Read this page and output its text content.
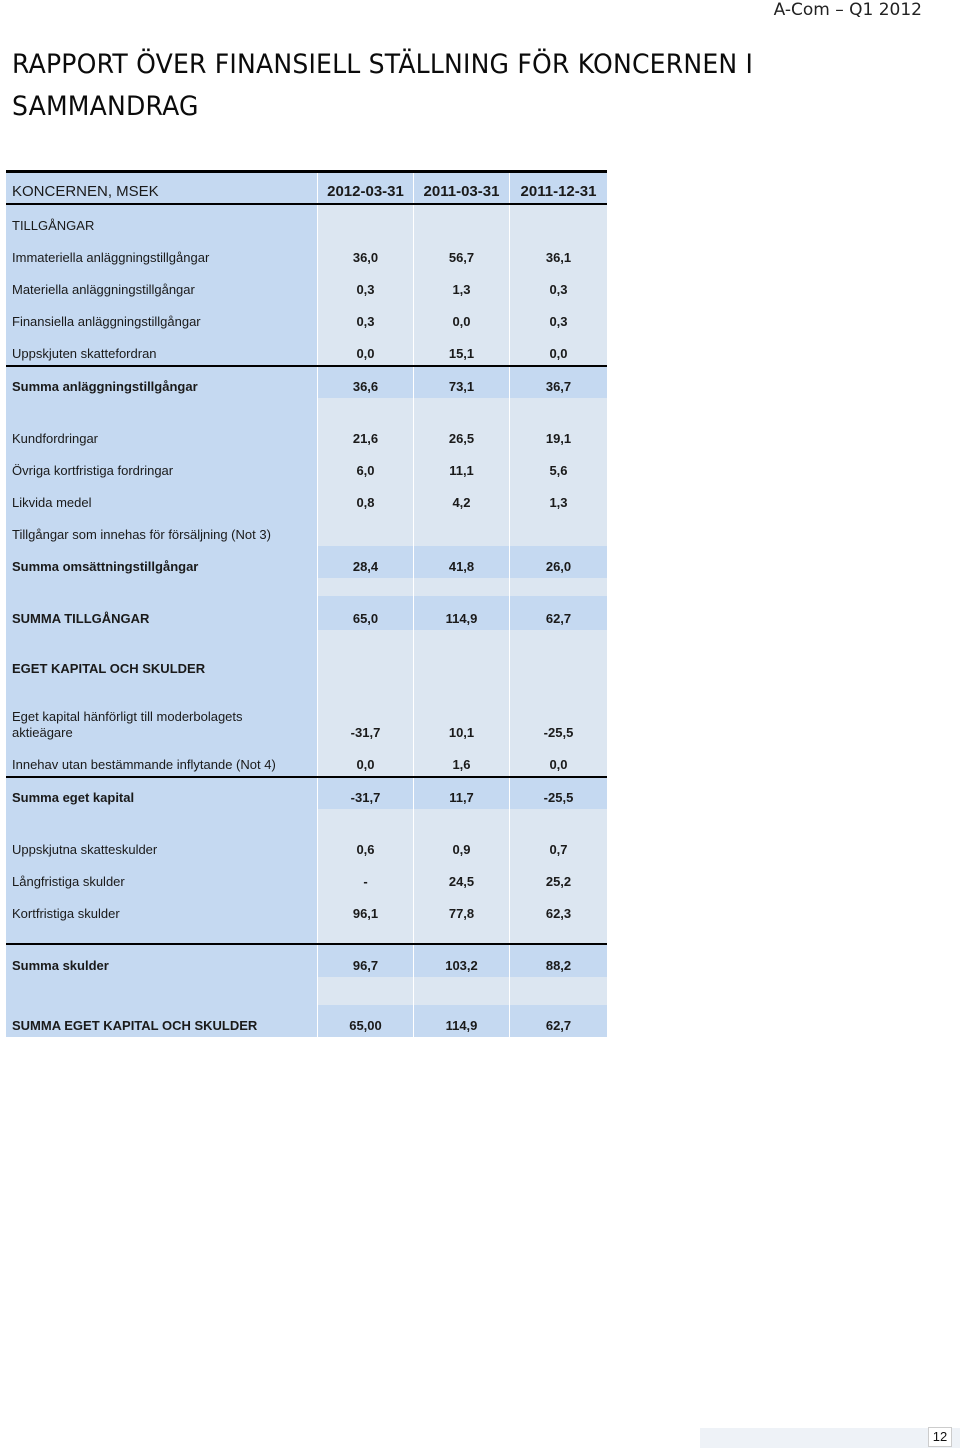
A-Com – Q1 2012
RAPPORT ÖVER FINANSIELL STÄLLNING FÖR KONCERNEN I SAMMANDRAG
KONCERNEN, MSEK	2012-03-31	2011-03-31	2011-12-31
TILLGÅNGAR
Immateriella anläggningstillgångar	36,0	56,7	36,1
Materiella anläggningstillgångar	0,3	1,3	0,3
Finansiella anläggningstillgångar	0,3	0,0	0,3
Uppskjuten skattefordran	0,0	15,1	0,0
Summa anläggningstillgångar	36,6	73,1	36,7
Kundfordringar	21,6	26,5	19,1
Övriga kortfristiga fordringar	6,0	11,1	5,6
Likvida medel	0,8	4,2	1,3
Tillgångar som innehas för försäljning (Not 3)
Summa omsättningstillgångar	28,4	41,8	26,0
SUMMA TILLGÅNGAR	65,0	114,9	62,7
EGET KAPITAL OCH SKULDER
Eget kapital hänförligt till moderbolagets aktieägare	-31,7	10,1	-25,5
Innehav utan bestämmande inflytande (Not 4)	0,0	1,6	0,0
Summa eget kapital	-31,7	11,7	-25,5
Uppskjutna skatteskulder	0,6	0,9	0,7
Långfristiga skulder	-	24,5	25,2
Kortfristiga skulder	96,1	77,8	62,3
Summa skulder	96,7	103,2	88,2
SUMMA EGET KAPITAL OCH SKULDER	65,00	114,9	62,7
12
